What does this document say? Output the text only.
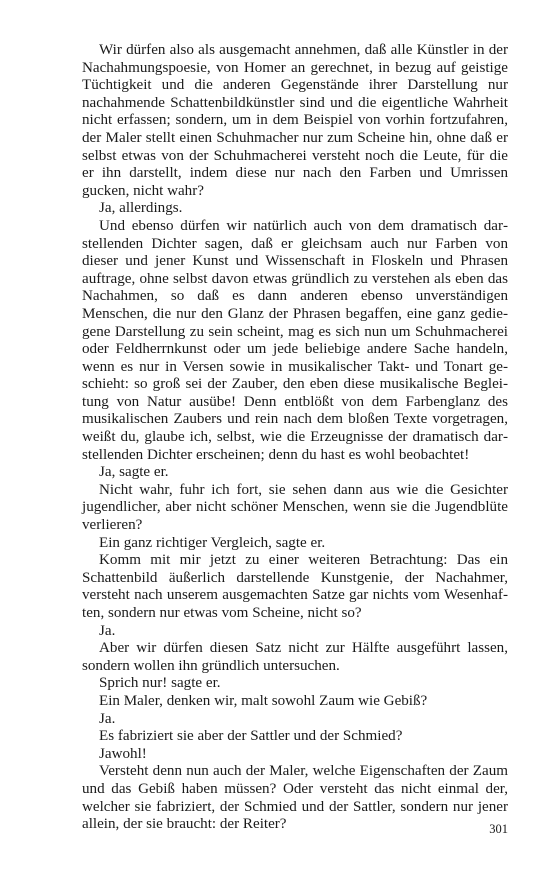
Wir dürfen also als ausgemacht annehmen, daß alle Künstler in der Nachahmungspoesie, von Homer an gerechnet, in bezug auf geistige Tüchtigkeit und die anderen Gegenstände ihrer Darstellung nur nachahmende Schattenbildkünstler sind und die eigentliche Wahrheit nicht erfassen; sondern, um in dem Beispiel von vorhin fortzufahren, der Maler stellt einen Schuhmacher nur zum Scheine hin, ohne daß er selbst etwas von der Schuhmacherei versteht noch die Leute, für die er ihn darstellt, indem diese nur nach den Farben und Umrissen gucken, nicht wahr?

Ja, allerdings.

Und ebenso dürfen wir natürlich auch von dem dramatisch darstellenden Dichter sagen, daß er gleichsam auch nur Farben von dieser und jener Kunst und Wissenschaft in Floskeln und Phrasen auftrage, ohne selbst davon etwas gründlich zu verstehen als eben das Nachahmen, so daß es dann anderen ebenso unverständigen Menschen, die nur den Glanz der Phrasen begaffen, eine ganz gediegene Darstellung zu sein scheint, mag es sich nun um Schuhmacherei oder Feldherrnkunst oder um jede beliebige andere Sache handeln, wenn es nur in Versen sowie in musikalischer Takt- und Tonart geschieht: so groß sei der Zauber, den eben diese musikalische Begleitung von Natur ausübe! Denn entblößt von dem Farbenglanz des musikalischen Zaubers und rein nach dem bloßen Texte vorgetragen, weißt du, glaube ich, selbst, wie die Erzeugnisse der dramatisch darstellenden Dichter erscheinen; denn du hast es wohl beobachtet!

Ja, sagte er.

Nicht wahr, fuhr ich fort, sie sehen dann aus wie die Gesichter jugendlicher, aber nicht schöner Menschen, wenn sie die Jugendblüte verlieren?

Ein ganz richtiger Vergleich, sagte er.

Komm mit mir jetzt zu einer weiteren Betrachtung: Das ein Schattenbild äußerlich darstellende Kunstgenie, der Nachahmer, versteht nach unserem ausgemachten Satze gar nichts vom Wesenhaften, sondern nur etwas vom Scheine, nicht so?

Ja.

Aber wir dürfen diesen Satz nicht zur Hälfte ausgeführt lassen, sondern wollen ihn gründlich untersuchen.

Sprich nur! sagte er.

Ein Maler, denken wir, malt sowohl Zaum wie Gebiß?

Ja.

Es fabriziert sie aber der Sattler und der Schmied?

Jawohl!

Versteht denn nun auch der Maler, welche Eigenschaften der Zaum und das Gebiß haben müssen? Oder versteht das nicht einmal der, welcher sie fabriziert, der Schmied und der Sattler, sondern nur jener allein, der sie braucht: der Reiter?	301
